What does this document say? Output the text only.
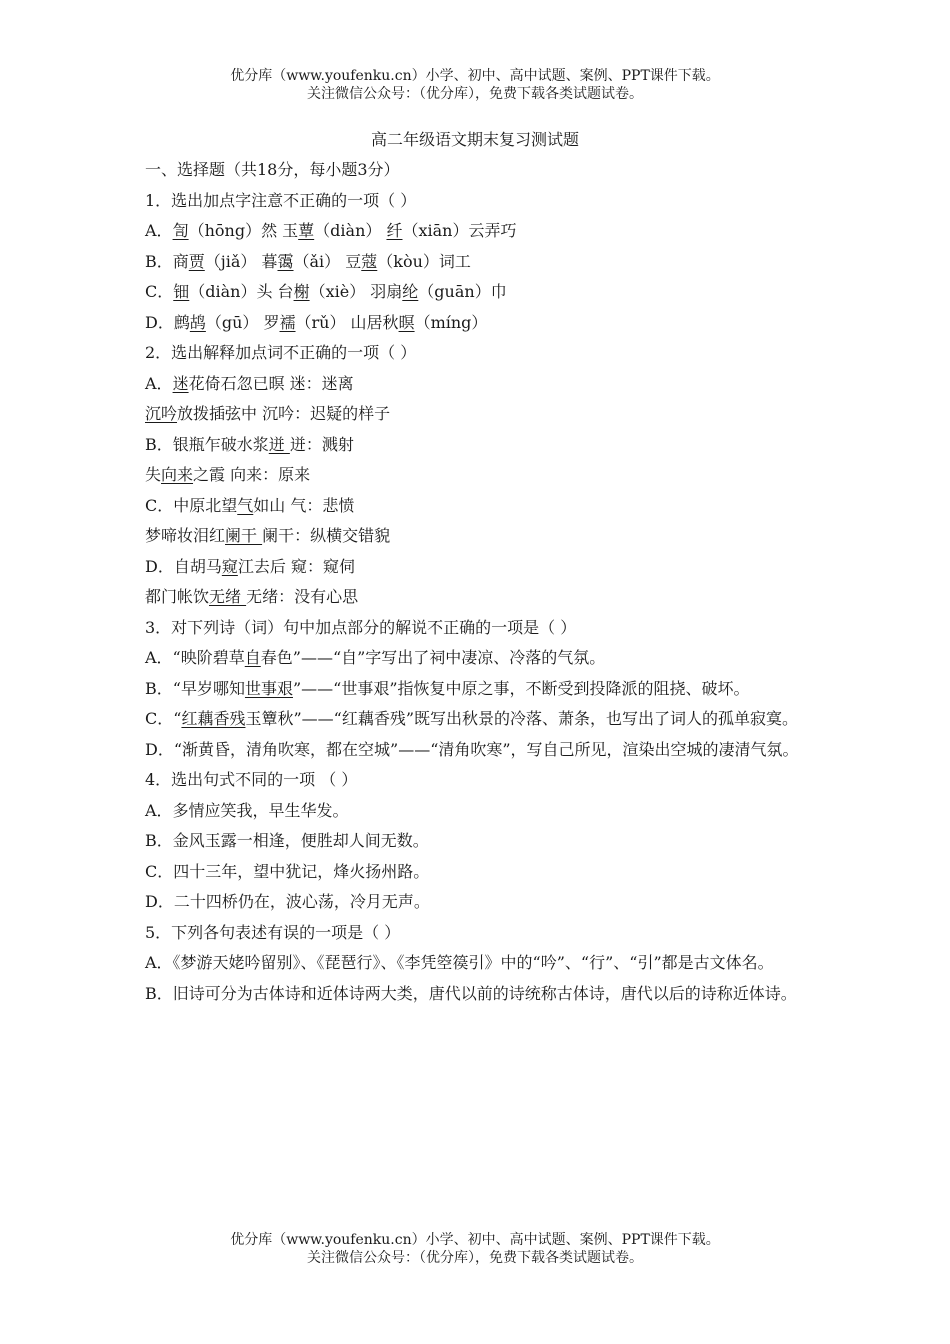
优分库（www.youfenku.cn）小学、初中、高中试题、案例、PPT课件下载。
关注微信公众号：（优分库），免费下载各类试题试卷。
高二年级语文期末复习测试题
一、选择题（共18分，每小题3分）
1．选出加点字注意不正确的一项（ ）
A．訇（hōng）然 玉蕈（diàn） 纤（xiān）云弄巧
B．商贾（jiǎ） 暮霭（ǎi） 豆蔻（kòu）词工
C．钿（diàn）头 台榭（xiè） 羽扇纶（guān）巾
D．鹧鸪（gū） 罗襦（rǔ） 山居秋暝（míng）
2．选出解释加点词不正确的一项（ ）
A．迷花倚石忽已暝 迷：迷离
沉吟放拨插弦中 沉吟：迟疑的样子
B．银瓶乍破水浆迸 迸：溅射
失向来之霞 向来：原来
C．中原北望气如山 气：悲愤
梦啼妆泪红阑干 阑干：纵横交错貌
D．自胡马窥江去后 窥：窥伺
都门帐饮无绪 无绪：没有心思
3．对下列诗（词）句中加点部分的解说不正确的一项是（ ）
A．“映阶碧草自春色”——“自”字写出了祠中凄凉、冷落的气氛。
B．“早岁哪知世事艰”——“世事艰”指恢复中原之事，不断受到投降派的阻挠、破坏。
C．“红藕香残玉簟秋”——“红藕香残”既写出秋景的冷落、萧条，也写出了词人的孤单寂寞。
D．“渐黄昏，清角吹寒，都在空城”——“清角吹寒”，写自己所见，渲染出空城的凄清气氛。
4．选出句式不同的一项 （ ）
A．多情应笑我，早生华发。
B．金风玉露一相逢，便胜却人间无数。
C．四十三年，望中犹记，烽火扬州路。
D．二十四桥仍在，波心荡，冷月无声。
5．下列各句表述有误的一项是（ ）
A．《梦游天姥吟留别》、《琵琶行》、《李凭箜篌引》中的“吟”、“行”、“引”都是古文体名。
B．旧诗可分为古体诗和近体诗两大类，唐代以前的诗统称古体诗，唐代以后的诗称近体诗。
优分库（www.youfenku.cn）小学、初中、高中试题、案例、PPT课件下载。
关注微信公众号：（优分库），免费下载各类试题试卷。
